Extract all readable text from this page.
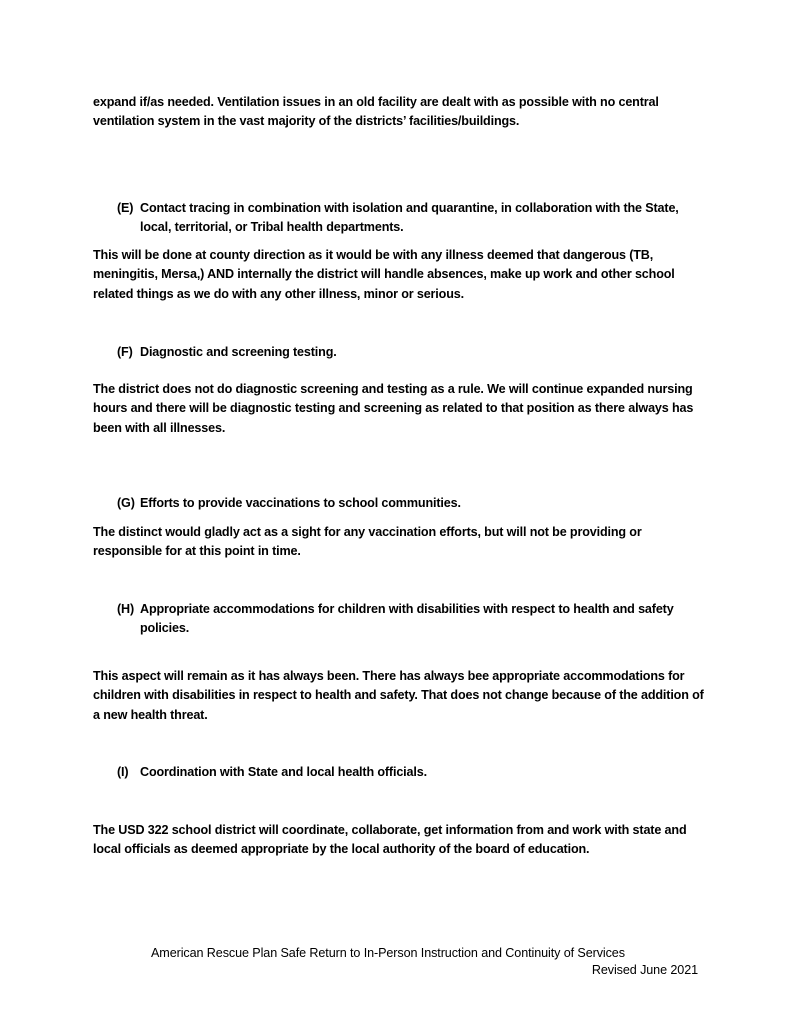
expand if/as needed. Ventilation issues in an old facility are dealt with as possible with no central ventilation system in the vast majority of the districts’ facilities/buildings.
(E) Contact tracing in combination with isolation and quarantine, in collaboration with the State, local, territorial, or Tribal health departments.
This will be done at county direction as it would be with any illness deemed that dangerous (TB, meningitis, Mersa,) AND internally the district will handle absences, make up work and other school related things as we do with any other illness, minor or serious.
(F) Diagnostic and screening testing.
The district does not do diagnostic screening and testing as a rule. We will continue expanded nursing hours and there will be diagnostic testing and screening as related to that position as there always has been with all illnesses.
(G) Efforts to provide vaccinations to school communities.
The distinct would gladly act as a sight for any vaccination efforts, but will not be providing or responsible for at this point in time.
(H) Appropriate accommodations for children with disabilities with respect to health and safety policies.
This aspect will remain as it has always been. There has always bee appropriate accommodations for children with disabilities in respect to health and safety. That does not change because of the addition of a new health threat.
(I) Coordination with State and local health officials.
The USD 322 school district will coordinate, collaborate, get information from and work with state and local officials as deemed appropriate by the local authority of the board of education.
American Rescue Plan Safe Return to In-Person Instruction and Continuity of Services
Revised June 2021
